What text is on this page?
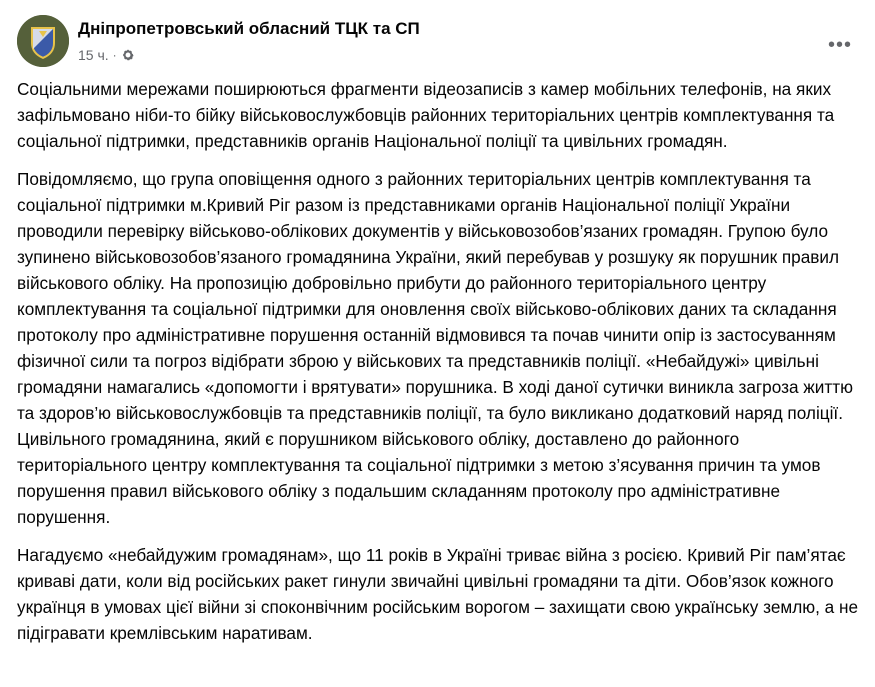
Дніпропетровський обласний ТЦК та СП
15 ч. ·	•••

Соціальними мережами поширюються фрагменти відеозаписів з камер мобільних телефонів, на яких зафільмовано ніби-то бійку військовослужбовців районних територіальних центрів комплектування та соціальної підтримки, представників органів Національної поліції та цивільних громадян.

Повідомляємо, що група оповіщення одного з районних територіальних центрів комплектування та соціальної підтримки м.Кривий Ріг разом із представниками органів Національної поліції України проводили перевірку військово-облікових документів у військовозобов’язаних громадян. Групою було зупинено військовозобов’язаного громадянина України, який перебував у розшуку як порушник правил військового обліку. На пропозицію добровільно прибути до районного територіального центру комплектування та соціальної підтримки для оновлення своїх військово-облікових даних та складання протоколу про адміністративне порушення останній відмовився та почав чинити опір із застосуванням фізичної сили та погроз відібрати зброю у військових та представників поліції. «Небайдужі» цивільні громадяни намагались «допомогти і врятувати» порушника. В ході даної сутички виникла загроза життю та здоров’ю військовослужбовців та представників поліції, та було викликано додатковий наряд поліції. Цивільного громадянина, який є порушником військового обліку, доставлено до районного територіального центру комплектування та соціальної підтримки з метою з’ясування причин та умов порушення правил військового обліку з подальшим складанням протоколу про адміністративне порушення.

Нагадуємо «небайдужим громадянам», що 11 років в Україні триває війна з росією. Кривий Ріг пам’ятає криваві дати, коли від російських ракет гинули звичайні цивільні громадяни та діти. Обов’язок кожного українця в умовах цієї війни зі споконвічним російським ворогом – захищати свою українську землю, а не підігравати кремлівським наративам.
